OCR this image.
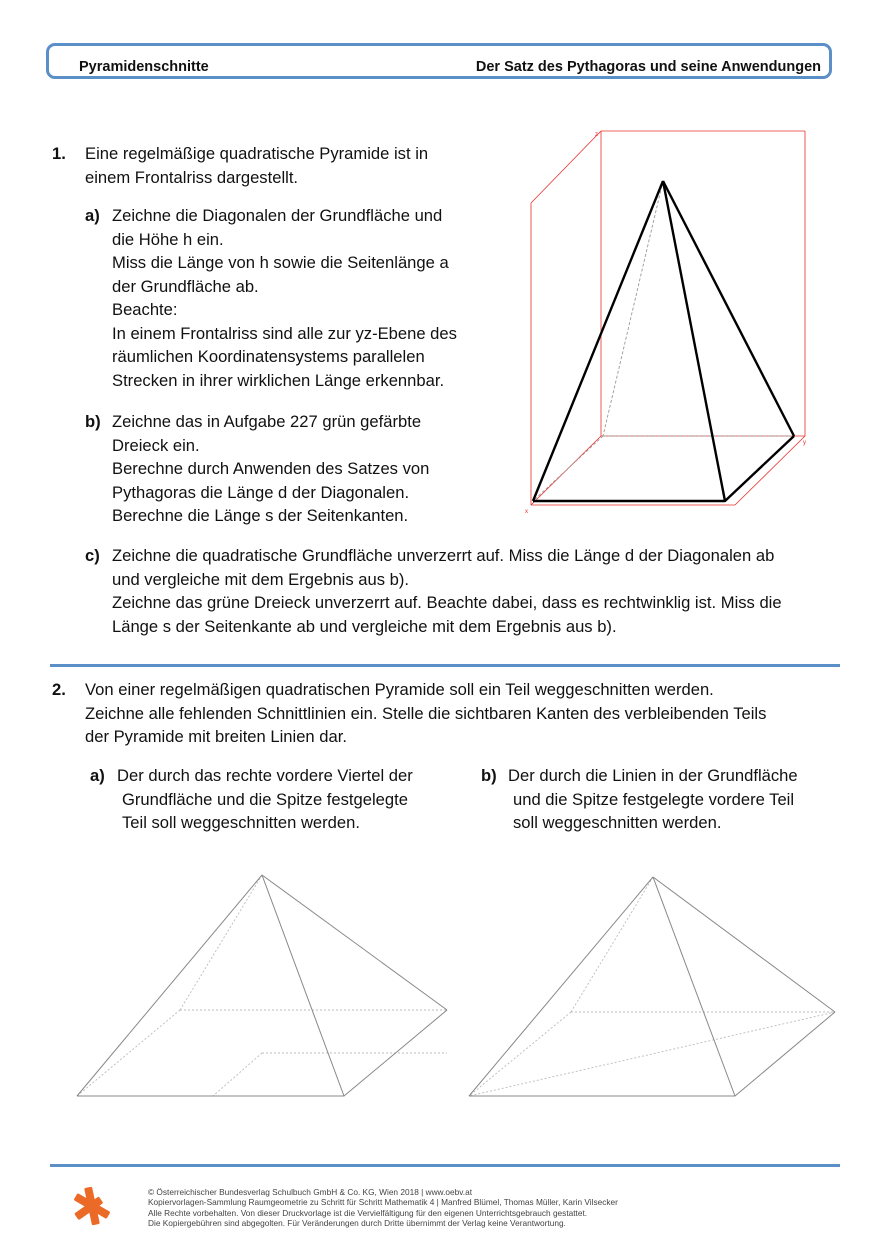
Pyramidenschnitte	Der Satz des Pythagoras und seine Anwendungen
1. Eine regelmäßige quadratische Pyramide ist in
einem Frontalriss dargestellt.
a) Zeichne die Diagonalen der Grundfläche und
die Höhe h ein.
Miss die Länge von h sowie die Seitenlänge a
der Grundfläche ab.
Beachte:
In einem Frontalriss sind alle zur yz-Ebene des
räumlichen Koordinatensystems parallelen
Strecken in ihrer wirklichen Länge erkennbar.
b) Zeichne das in Aufgabe 227 grün gefärbte
Dreieck ein.
Berechne durch Anwenden des Satzes von
Pythagoras die Länge d der Diagonalen.
Berechne die Länge s der Seitenkanten.
c) Zeichne die quadratische Grundfläche unverzerrt auf. Miss die Länge d der Diagonalen ab
und vergleiche mit dem Ergebnis aus b).
Zeichne das grüne Dreieck unverzerrt auf. Beachte dabei, dass es rechtwinklig ist. Miss die
Länge s der Seitenkante ab und vergleiche mit dem Ergebnis aus b).
z
y
x
2. Von einer regelmäßigen quadratischen Pyramide soll ein Teil weggeschnitten werden.
Zeichne alle fehlenden Schnittlinien ein. Stelle die sichtbaren Kanten des verbleibenden Teils
der Pyramide mit breiten Linien dar.
a) Der durch das rechte vordere Viertel der
Grundfläche und die Spitze festgelegte
Teil soll weggeschnitten werden.
b) Der durch die Linien in der Grundfläche
und die Spitze festgelegte vordere Teil
soll weggeschnitten werden.
© Österreichischer Bundesverlag Schulbuch GmbH & Co. KG, Wien 2018 | www.oebv.at
Kopiervorlagen-Sammlung Raumgeometrie zu Schritt für Schritt Mathematik 4 | Manfred Blümel, Thomas Müller, Karin Vilsecker
Alle Rechte vorbehalten. Von dieser Druckvorlage ist die Vervielfältigung für den eigenen Unterrichtsgebrauch gestattet.
Die Kopiergebühren sind abgegolten. Für Veränderungen durch Dritte übernimmt der Verlag keine Verantwortung.
